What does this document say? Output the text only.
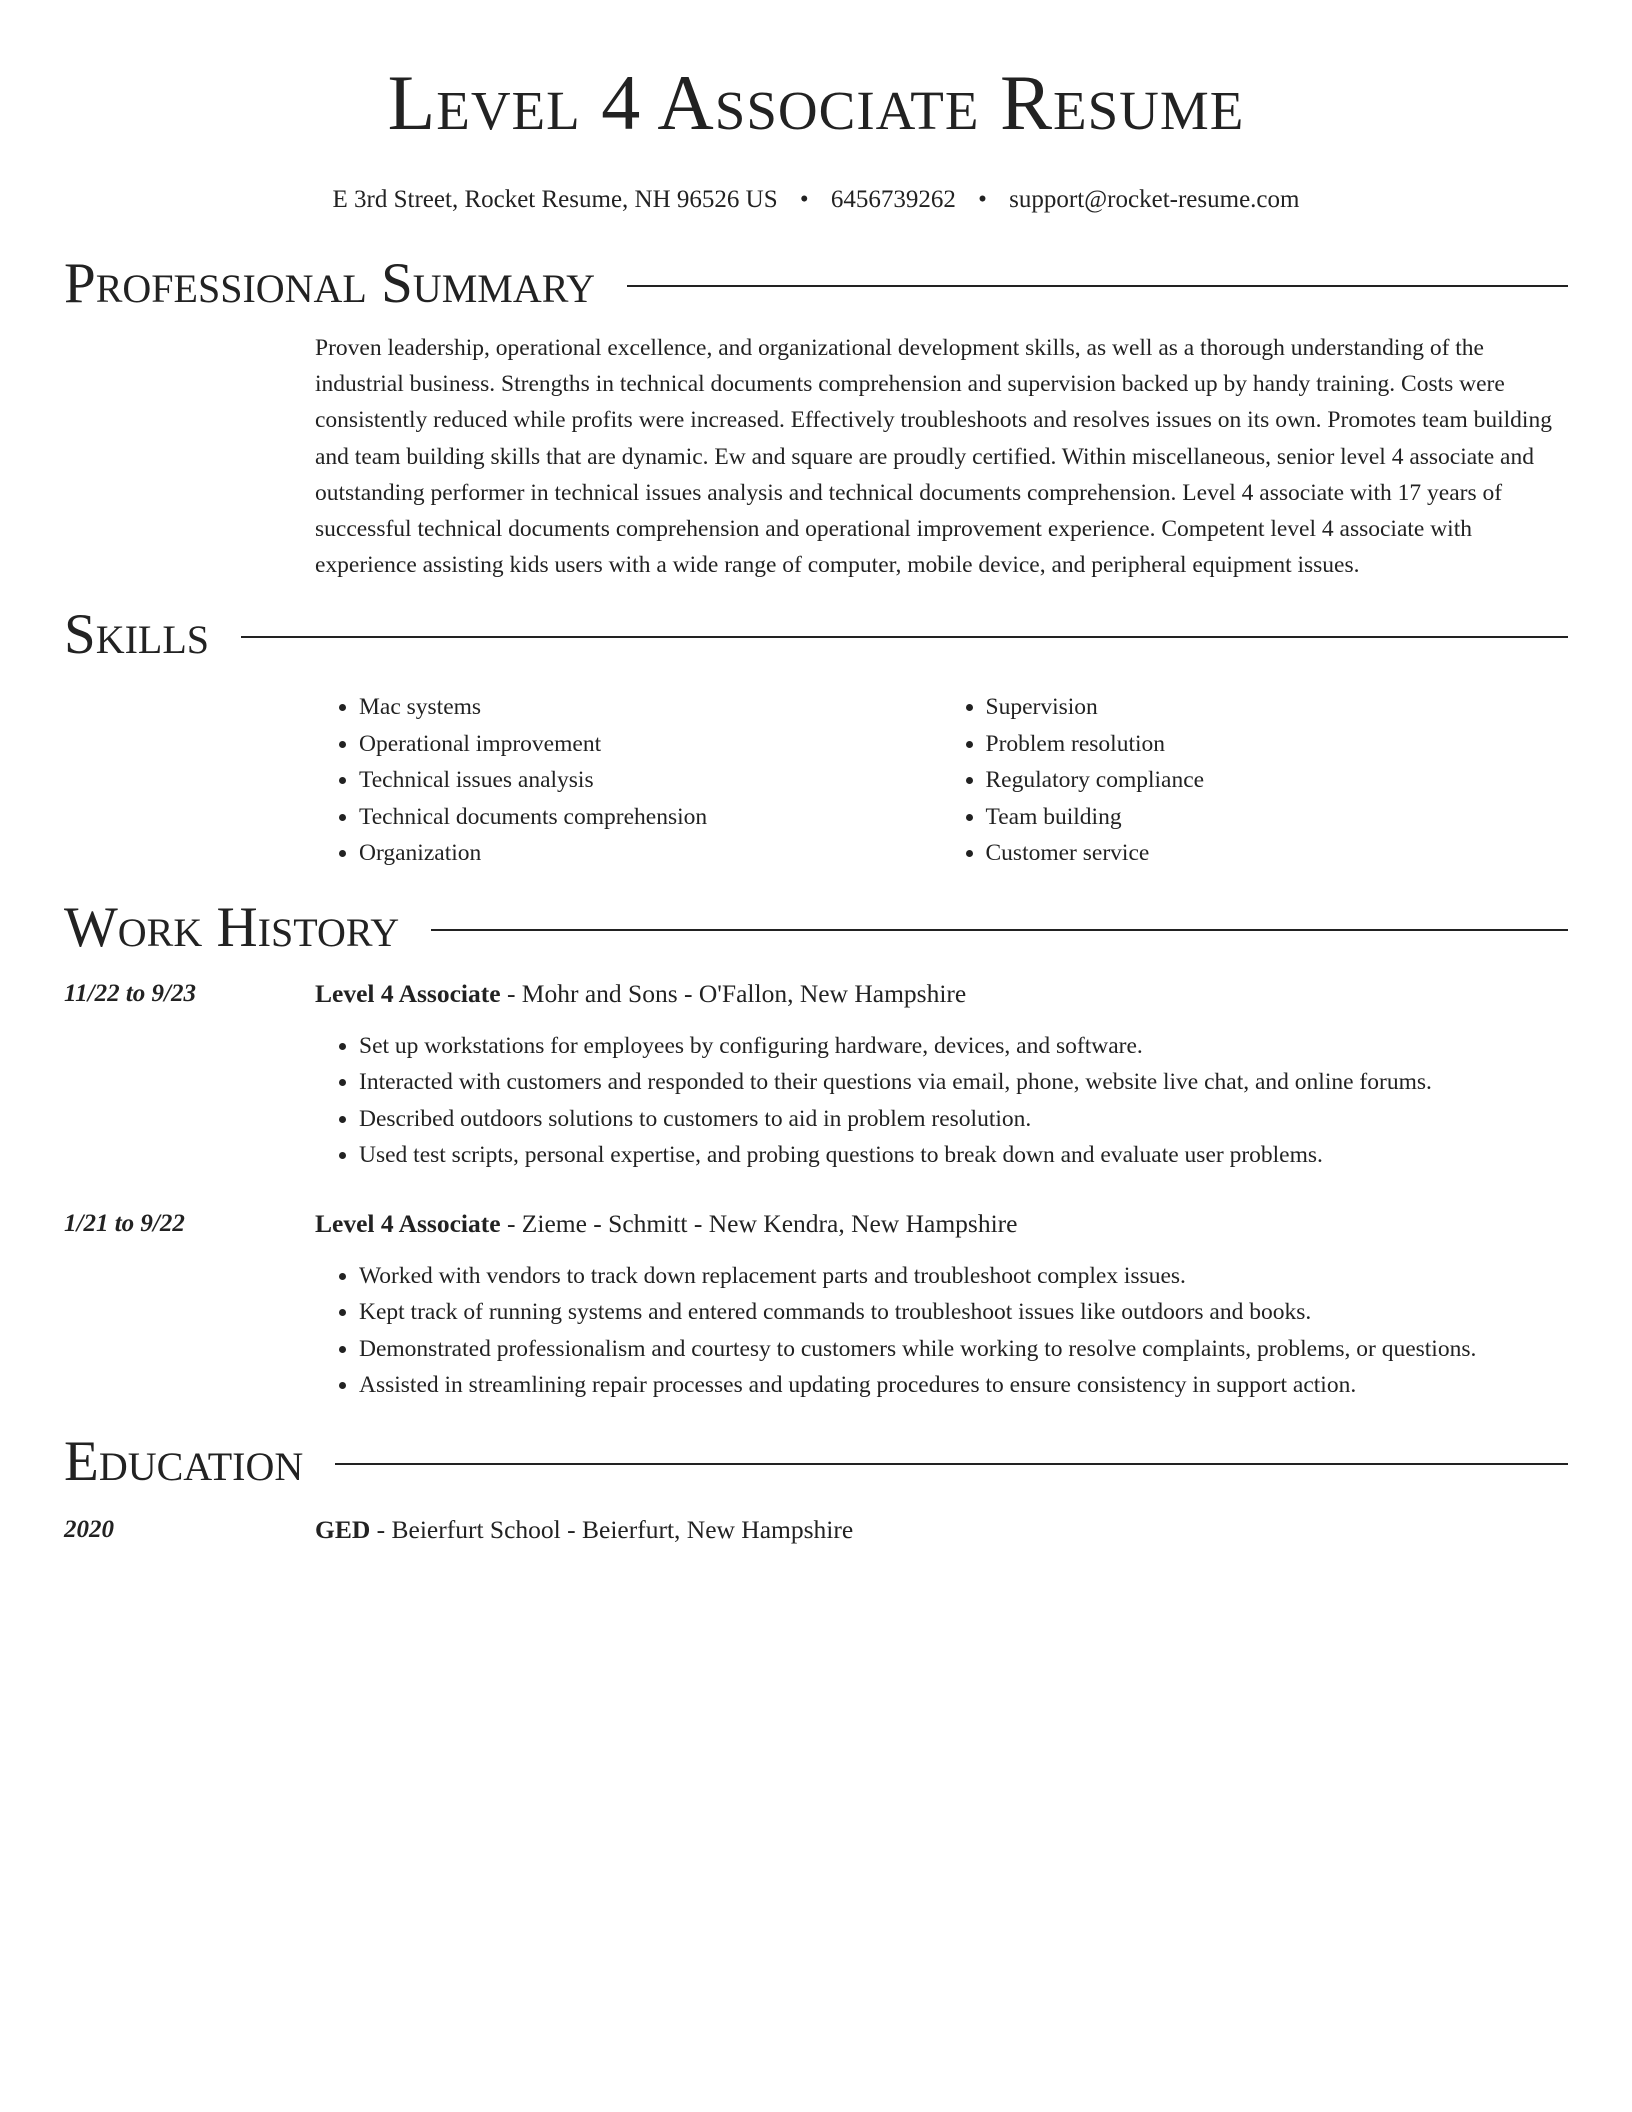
Level 4 Associate Resume
E 3rd Street, Rocket Resume, NH 96526 US • 6456739262 • support@rocket-resume.com
Professional Summary

Proven leadership, operational excellence, and organizational development skills, as well as a thorough understanding of the industrial business. Strengths in technical documents comprehension and supervision backed up by handy training. Costs were consistently reduced while profits were increased. Effectively troubleshoots and resolves issues on its own. Promotes team building and team building skills that are dynamic. Ew and square are proudly certified. Within miscellaneous, senior level 4 associate and outstanding performer in technical issues analysis and technical documents comprehension. Level 4 associate with 17 years of successful technical documents comprehension and operational improvement experience. Competent level 4 associate with experience assisting kids users with a wide range of computer, mobile device, and peripheral equipment issues.

Skills
• Mac systems
• Operational improvement
• Technical issues analysis
• Technical documents comprehension
• Organization
• Supervision
• Problem resolution
• Regulatory compliance
• Team building
• Customer service
Work History
11/22 to 9/23	Level 4 Associate - Mohr and Sons - O'Fallon, New Hampshire
• Set up workstations for employees by configuring hardware, devices, and software.
• Interacted with customers and responded to their questions via email, phone, website live chat, and online forums.
• Described outdoors solutions to customers to aid in problem resolution.
• Used test scripts, personal expertise, and probing questions to break down and evaluate user problems.
1/21 to 9/22	Level 4 Associate - Zieme - Schmitt - New Kendra, New Hampshire
• Worked with vendors to track down replacement parts and troubleshoot complex issues.
• Kept track of running systems and entered commands to troubleshoot issues like outdoors and books.
• Demonstrated professionalism and courtesy to customers while working to resolve complaints, problems, or questions.
• Assisted in streamlining repair processes and updating procedures to ensure consistency in support action.
Education
2020	GED - Beierfurt School - Beierfurt, New Hampshire
